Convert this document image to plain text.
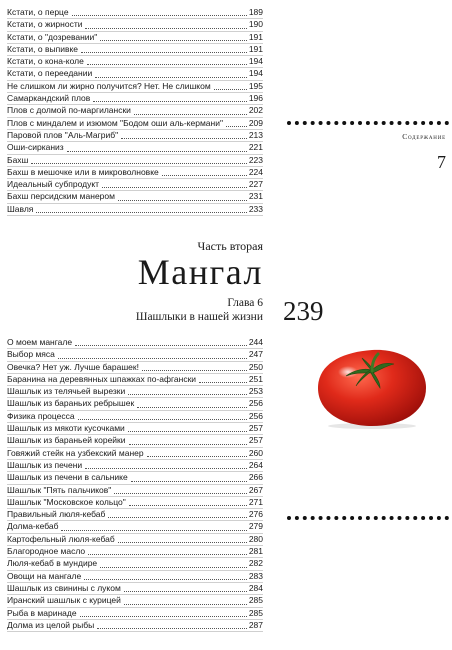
Кстати, о перце	189
Кстати, о жирности	190
Кстати, о "дозревании"	191
Кстати, о выпивке	191
Кстати, о кона-коле	194
Кстати, о переедании	194
Не слишком ли жирно получится? Нет. Не слишком	195
Самаркандский плов	196
Плов с долмой по-маргилански	202
Плов с миндалем и изюмом "Бодом оши аль-кермани"	209
Паровой плов "Аль-Магриб"	213
Оши-сирканиз	221
Бахш	223
Бахш в мешочке или в микроволновке	224
Идеальный субпродукт	227
Бахш персидским манером	231
Шавля	233
Часть вторая
Мангал
Глава 6
Шашлыки в нашей жизни 239
О моем мангале	244
Выбор мяса	247
Овечка? Нет уж. Лучше барашек!	250
Баранина на деревянных шпажках по-афгански	251
Шашлык из телячьей вырезки	253
Шашлык из бараньих ребрышек	256
Физика процесса	256
Шашлык из мякоти кусочками	257
Шашлык из бараньей корейки	257
Говяжий стейк на узбекский манер	260
Шашлык из печени	264
Шашлык из печени в сальнике	266
Шашлык "Пять пальчиков"	267
Шашлык "Московское кольцо"	271
Правильный люля-кебаб	276
Долма-кебаб	279
Картофельный люля-кебаб	280
Благородное масло	281
Люля-кебаб в мундире	282
Овощи на мангале	283
Шашлык из свинины с луком	284
Иранский шашлык с курицей	285
Рыба в маринаде	285
Долма из целой рыбы	287
Содержание
7
